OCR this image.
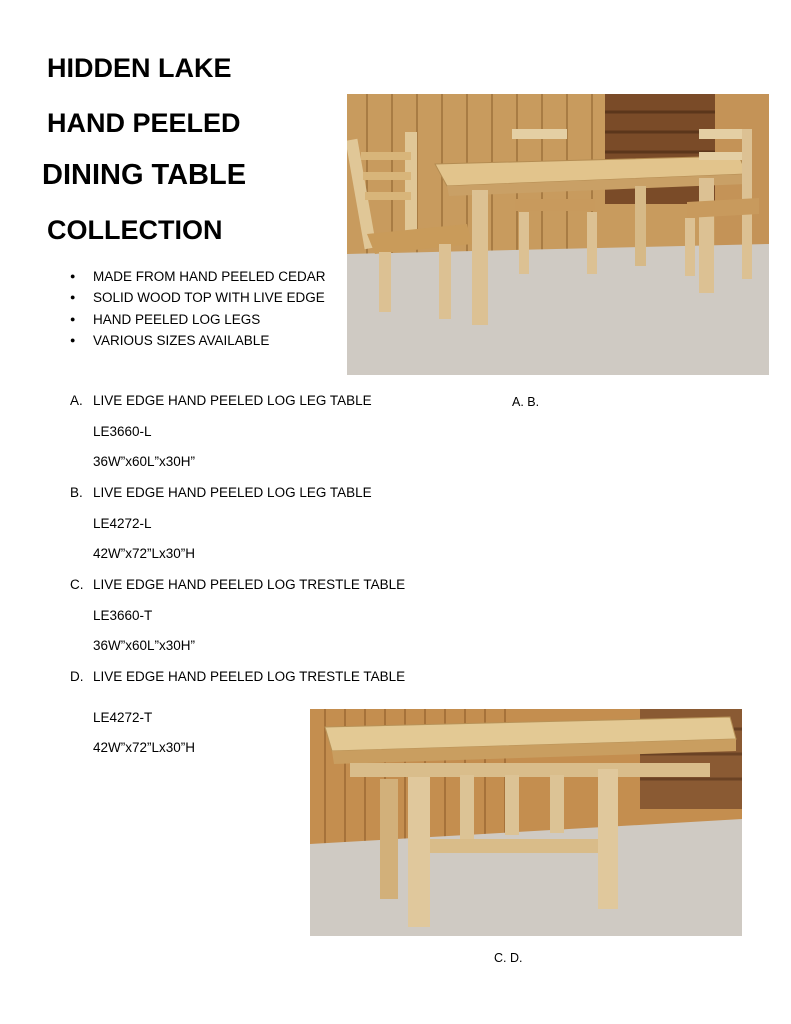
HIDDEN LAKE
HAND PEELED
DINING TABLE
COLLECTION
● MADE FROM HAND PEELED CEDAR
● SOLID WOOD TOP WITH LIVE EDGE
● HAND PEELED LOG LEGS
● VARIOUS SIZES AVAILABLE
A. B.
A. LIVE EDGE HAND PEELED LOG LEG TABLE
LE3660-L
36W”x60L”x30H”
B. LIVE EDGE HAND PEELED LOG LEG TABLE
LE4272-L
42W”x72”Lx30”H
C. LIVE EDGE HAND PEELED LOG TRESTLE TABLE
LE3660-T
36W”x60L”x30H”
D. LIVE EDGE HAND PEELED LOG TRESTLE TABLE
LE4272-T
42W”x72”Lx30”H
C. D.
